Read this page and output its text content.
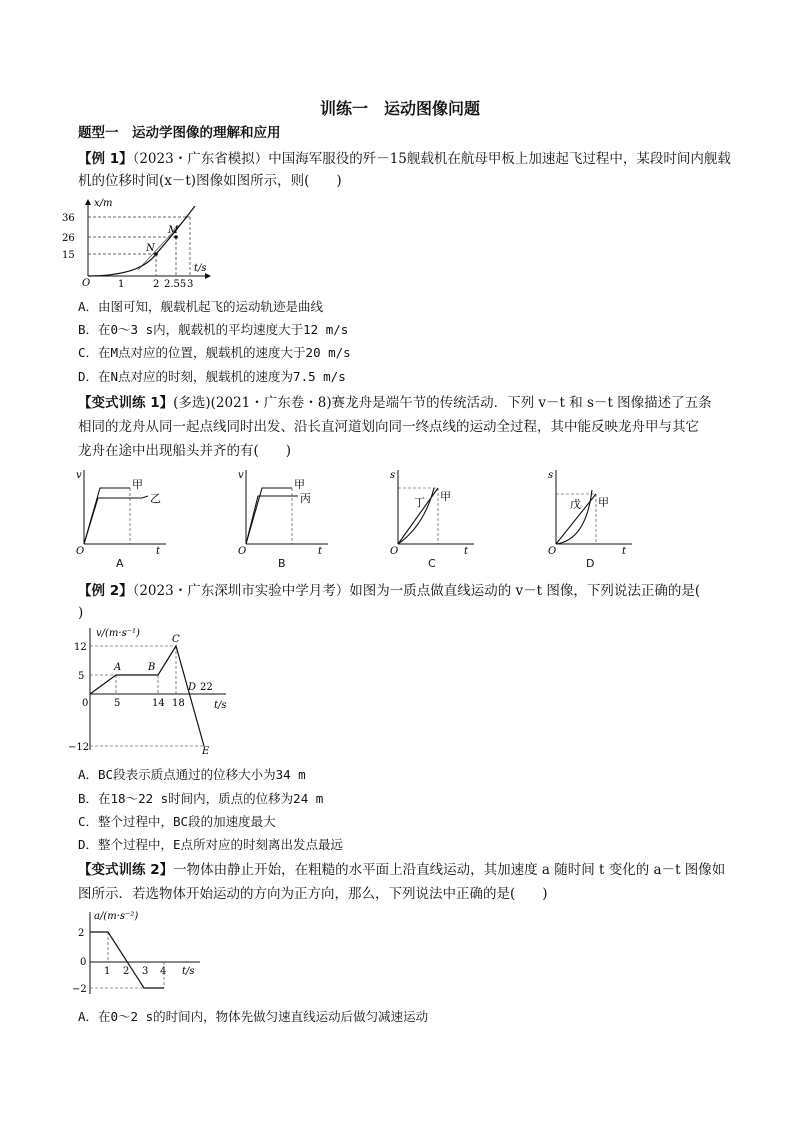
训练一　运动图像问题
题型一　运动学图像的理解和应用
【例 1】（2023・广东省模拟）中国海军服役的歼－15舰载机在航母甲板上加速起飞过程中，某段时间内舰载
机的位移时间(x－t)图像如图所示，则(　　)
x/m
t/s
O
36
26
15
1	2 2.55 3
N
M
A．由图可知，舰载机起飞的运动轨迹是曲线
B．在0～3 s内，舰载机的平均速度大于12 m/s
C．在M点对应的位置，舰载机的速度大于20 m/s
D．在N点对应的时刻，舰载机的速度为7.5 m/s
【变式训练 1】(多选)(2021・广东卷・8)赛龙舟是端午节的传统活动．下列 v－t 和 s－t 图像描述了五条
相同的龙舟从同一起点线同时出发、沿长直河道划向同一终点线的运动全过程，其中能反映龙舟甲与其它
龙舟在途中出现船头并齐的有(　　)
v
t
O
甲
乙
A
v
t
O
甲
丙
B
s
t
O
甲
丁
C
s
t
O
甲
戊
D
【例 2】（2023・广东深圳市实验中学月考）如图为一质点做直线运动的 v－t 图像，下列说法正确的是(
)
v/(m·s⁻¹)
t/s
12
5
0
−12
5	14 18
22
A	B
C
D
E
A．BC段表示质点通过的位移大小为34 m
B．在18～22 s时间内，质点的位移为24 m
C．整个过程中，BC段的加速度最大
D．整个过程中，E点所对应的时刻离出发点最远
【变式训练 2】一物体由静止开始，在粗糙的水平面上沿直线运动，其加速度 a 随时间 t 变化的 a－t 图像如
图所示．若选物体开始运动的方向为正方向，那么，下列说法中正确的是(　　)
a/(m·s⁻²)
t/s
2
0
−2
1 2 3 4
A．在0～2 s的时间内，物体先做匀速直线运动后做匀减速运动
